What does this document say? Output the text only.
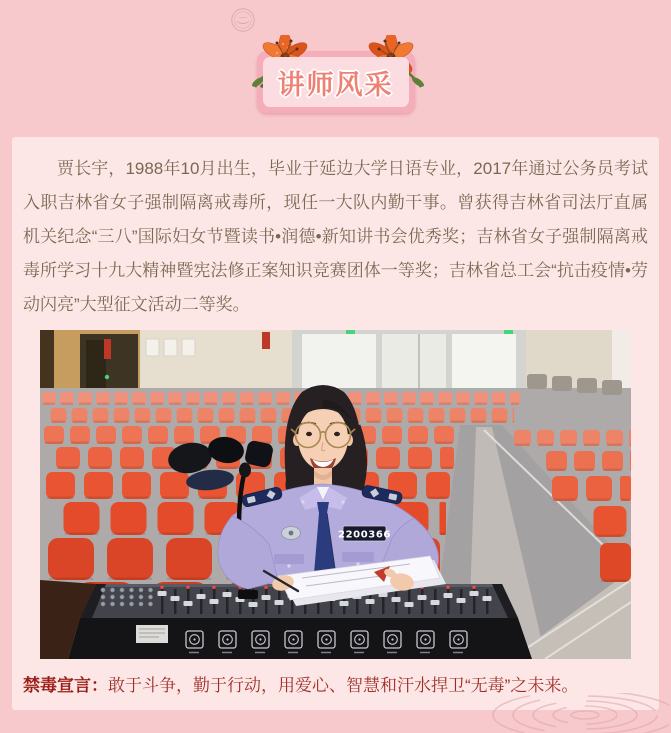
讲师风采

贾长宇，1988年10月出生，毕业于延边大学日语专业，2017年通过公务员考试入职吉林省女子强制隔离戒毒所，现任一大队内勤干事。曾获得吉林省司法厅直属机关纪念“三八”国际妇女节暨读书•润德•新知讲书会优秀奖；吉林省女子强制隔离戒毒所学习十九大精神暨宪法修正案知识竞赛团体一等奖；吉林省总工会“抗击疫情•劳动闪亮”大型征文活动二等奖。

2200366

禁毒宣言：敢于斗争，勤于行动，用爱心、智慧和汗水捍卫“无毒”之未来。
